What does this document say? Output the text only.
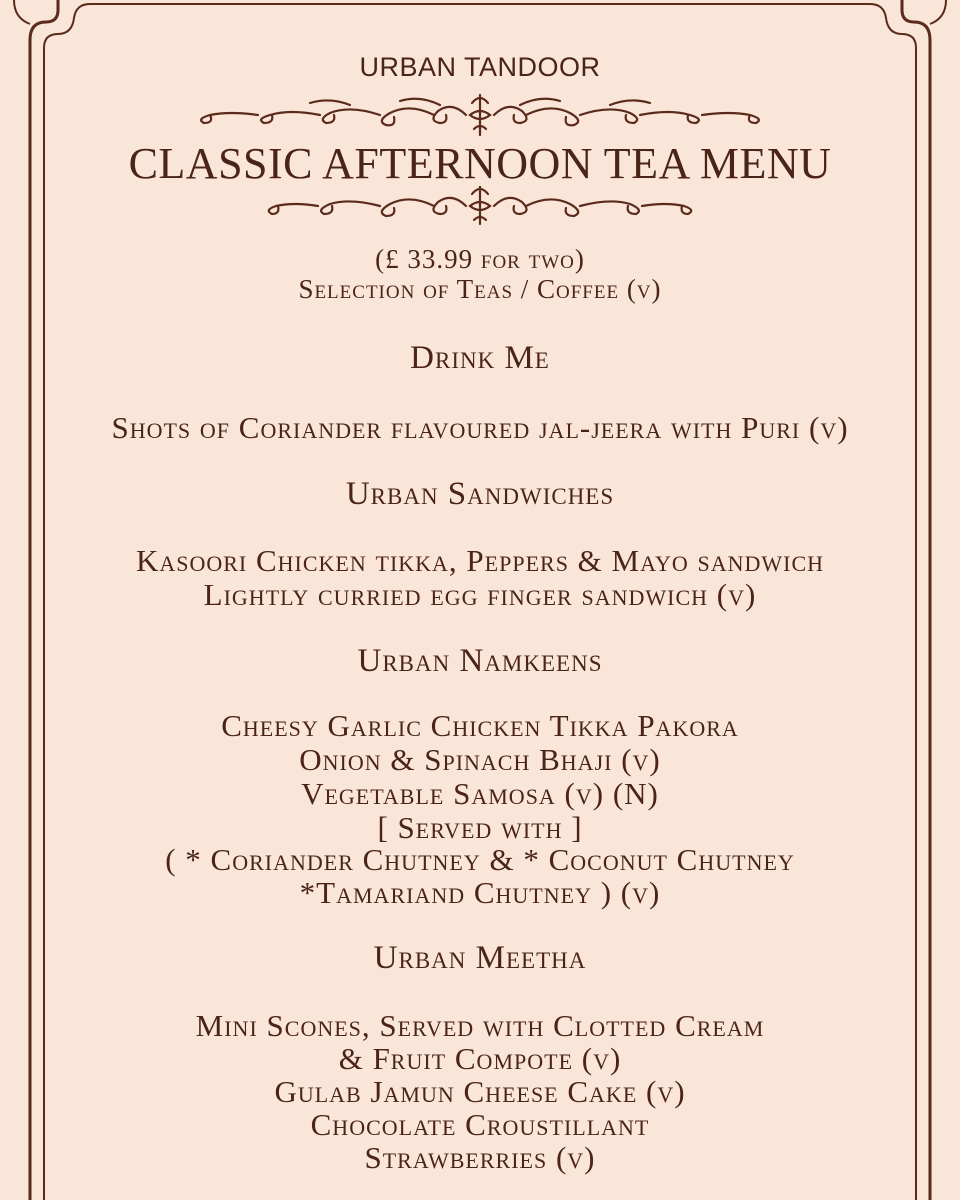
URBAN TANDOOR
CLASSIC AFTERNOON TEA MENU
(£ 33.99 for two)
Selection of Teas / Coffee (v)
Drink Me
Shots of Coriander flavoured jal-jeera with Puri (v)
Urban Sandwiches
Kasoori Chicken tikka, Peppers & Mayo sandwich
Lightly curried egg finger sandwich (v)
Urban Namkeens
Cheesy Garlic Chicken Tikka Pakora
Onion & Spinach Bhaji (v)
Vegetable Samosa (v) (N)
[ Served with ]
( * Coriander Chutney & * Coconut Chutney
*Tamariand Chutney ) (v)
Urban Meetha
Mini Scones, Served with Clotted Cream
& Fruit Compote (v)
Gulab Jamun Cheese Cake (v)
Chocolate Croustillant
Strawberries (v)
